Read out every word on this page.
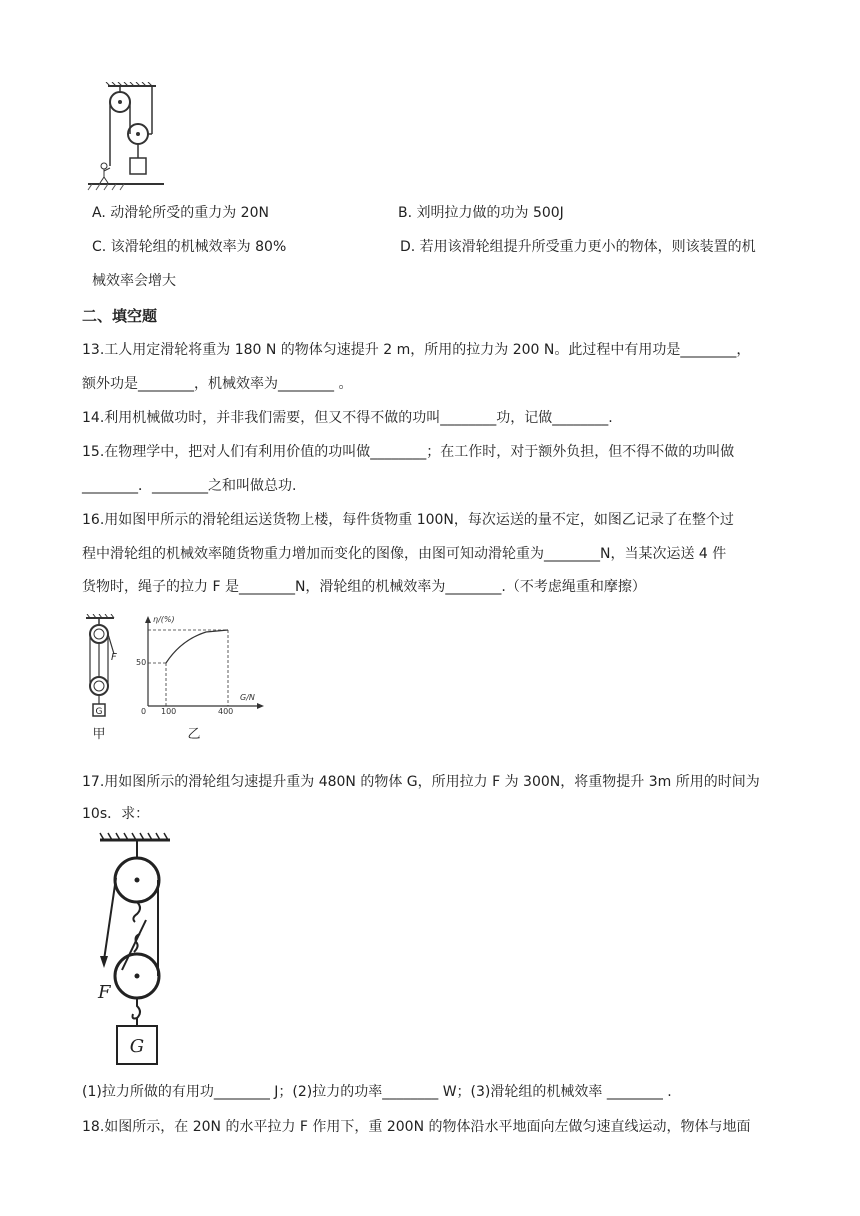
A. 动滑轮所受的重力为 20N	B. 刘明拉力做的功为 500J
C. 该滑轮组的机械效率为 80%	D. 若用该滑轮组提升所受重力更小的物体，则该装置的机
械效率会增大
二、填空题
13.工人用定滑轮将重为 180 N 的物体匀速提升 2 m，所用的拉力为 200 N。此过程中有用功是________，
额外功是________，机械效率为________ 。
14.利用机械做功时，并非我们需要，但又不得不做的功叫________功，记做________.
15.在物理学中，把对人们有利用价值的功叫做________；在工作时，对于额外负担，但不得不做的功叫做
________．________之和叫做总功.
16.用如图甲所示的滑轮组运送货物上楼，每件货物重 100N，每次运送的量不定，如图乙记录了在整个过
程中滑轮组的机械效率随货物重力增加而变化的图像，由图可知动滑轮重为________N，当某次运送 4 件
货物时，绳子的拉力 F 是________N，滑轮组的机械效率为________.（不考虑绳重和摩擦）
F
G
甲
η/(%)
G/N
50
0 100	400
乙
17.用如图所示的滑轮组匀速提升重为 480N 的物体 G，所用拉力 F 为 300N，将重物提升 3m 所用的时间为
10s．求：
F
G
(1)拉力所做的有用功________ J；(2)拉力的功率________ W；(3)滑轮组的机械效率 ________ .
18.如图所示，在 20N 的水平拉力 F 作用下，重 200N 的物体沿水平地面向左做匀速直线运动，物体与地面
